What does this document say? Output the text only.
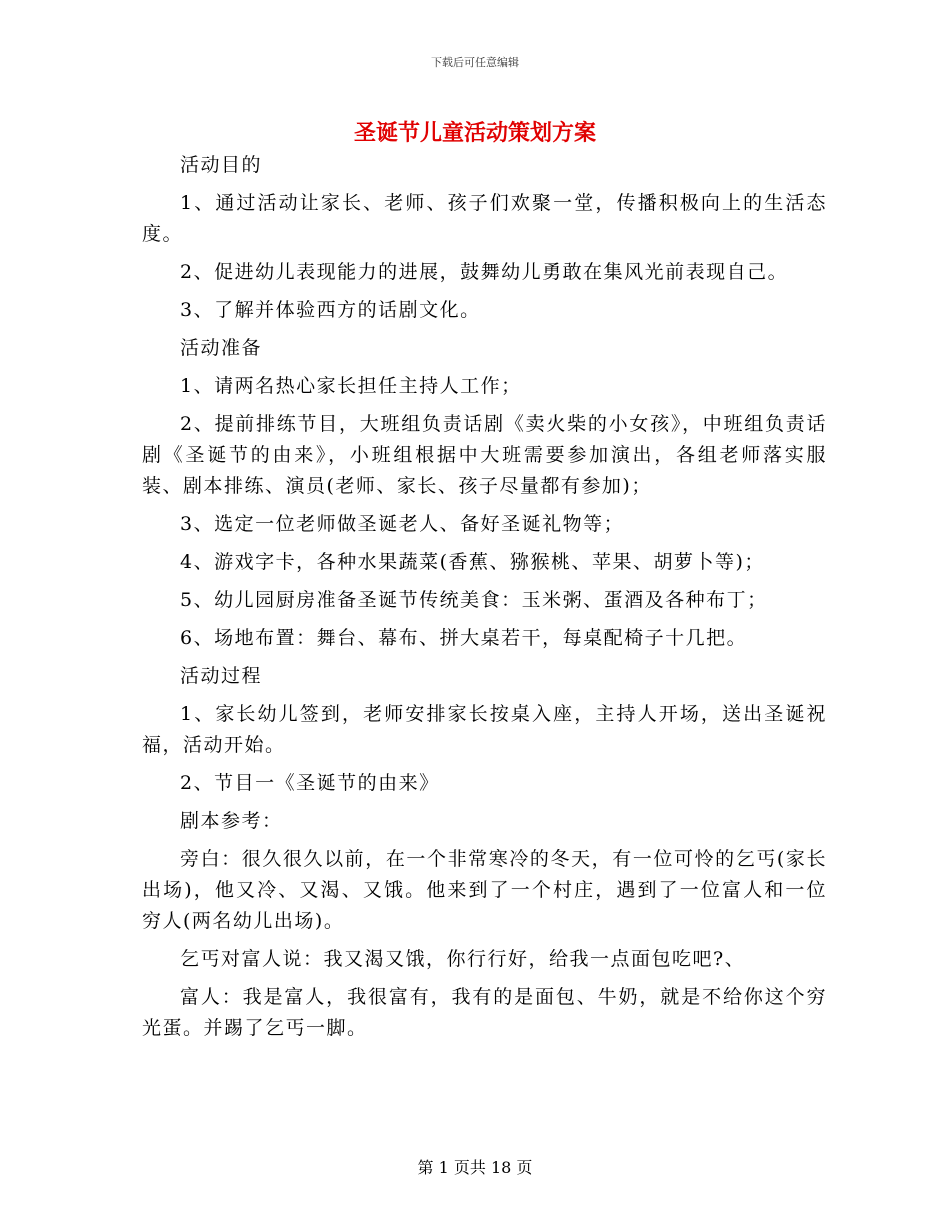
下载后可任意编辑
圣诞节儿童活动策划方案

活动目的

1、通过活动让家长、老师、孩子们欢聚一堂，传播积极向上的生活态度。

2、促进幼儿表现能力的进展，鼓舞幼儿勇敢在集风光前表现自己。

3、了解并体验西方的话剧文化。

活动准备

1、请两名热心家长担任主持人工作；

2、提前排练节目，大班组负责话剧《卖火柴的小女孩》，中班组负责话剧《圣诞节的由来》，小班组根据中大班需要参加演出，各组老师落实服装、剧本排练、演员(老师、家长、孩子尽量都有参加)；

3、选定一位老师做圣诞老人、备好圣诞礼物等；

4、游戏字卡，各种水果蔬菜(香蕉、猕猴桃、苹果、胡萝卜等)；

5、幼儿园厨房准备圣诞节传统美食：玉米粥、蛋酒及各种布丁；

6、场地布置：舞台、幕布、拼大桌若干，每桌配椅子十几把。

活动过程

1、家长幼儿签到，老师安排家长按桌入座，主持人开场，送出圣诞祝福，活动开始。

2、节目一《圣诞节的由来》

剧本参考：

旁白：很久很久以前，在一个非常寒冷的冬天，有一位可怜的乞丐(家长出场)，他又冷、又渴、又饿。他来到了一个村庄，遇到了一位富人和一位穷人(两名幼儿出场)。

乞丐对富人说：我又渴又饿，你行行好，给我一点面包吃吧?、

富人：我是富人，我很富有，我有的是面包、牛奶，就是不给你这个穷光蛋。并踢了乞丐一脚。

第 1 页共 18 页
